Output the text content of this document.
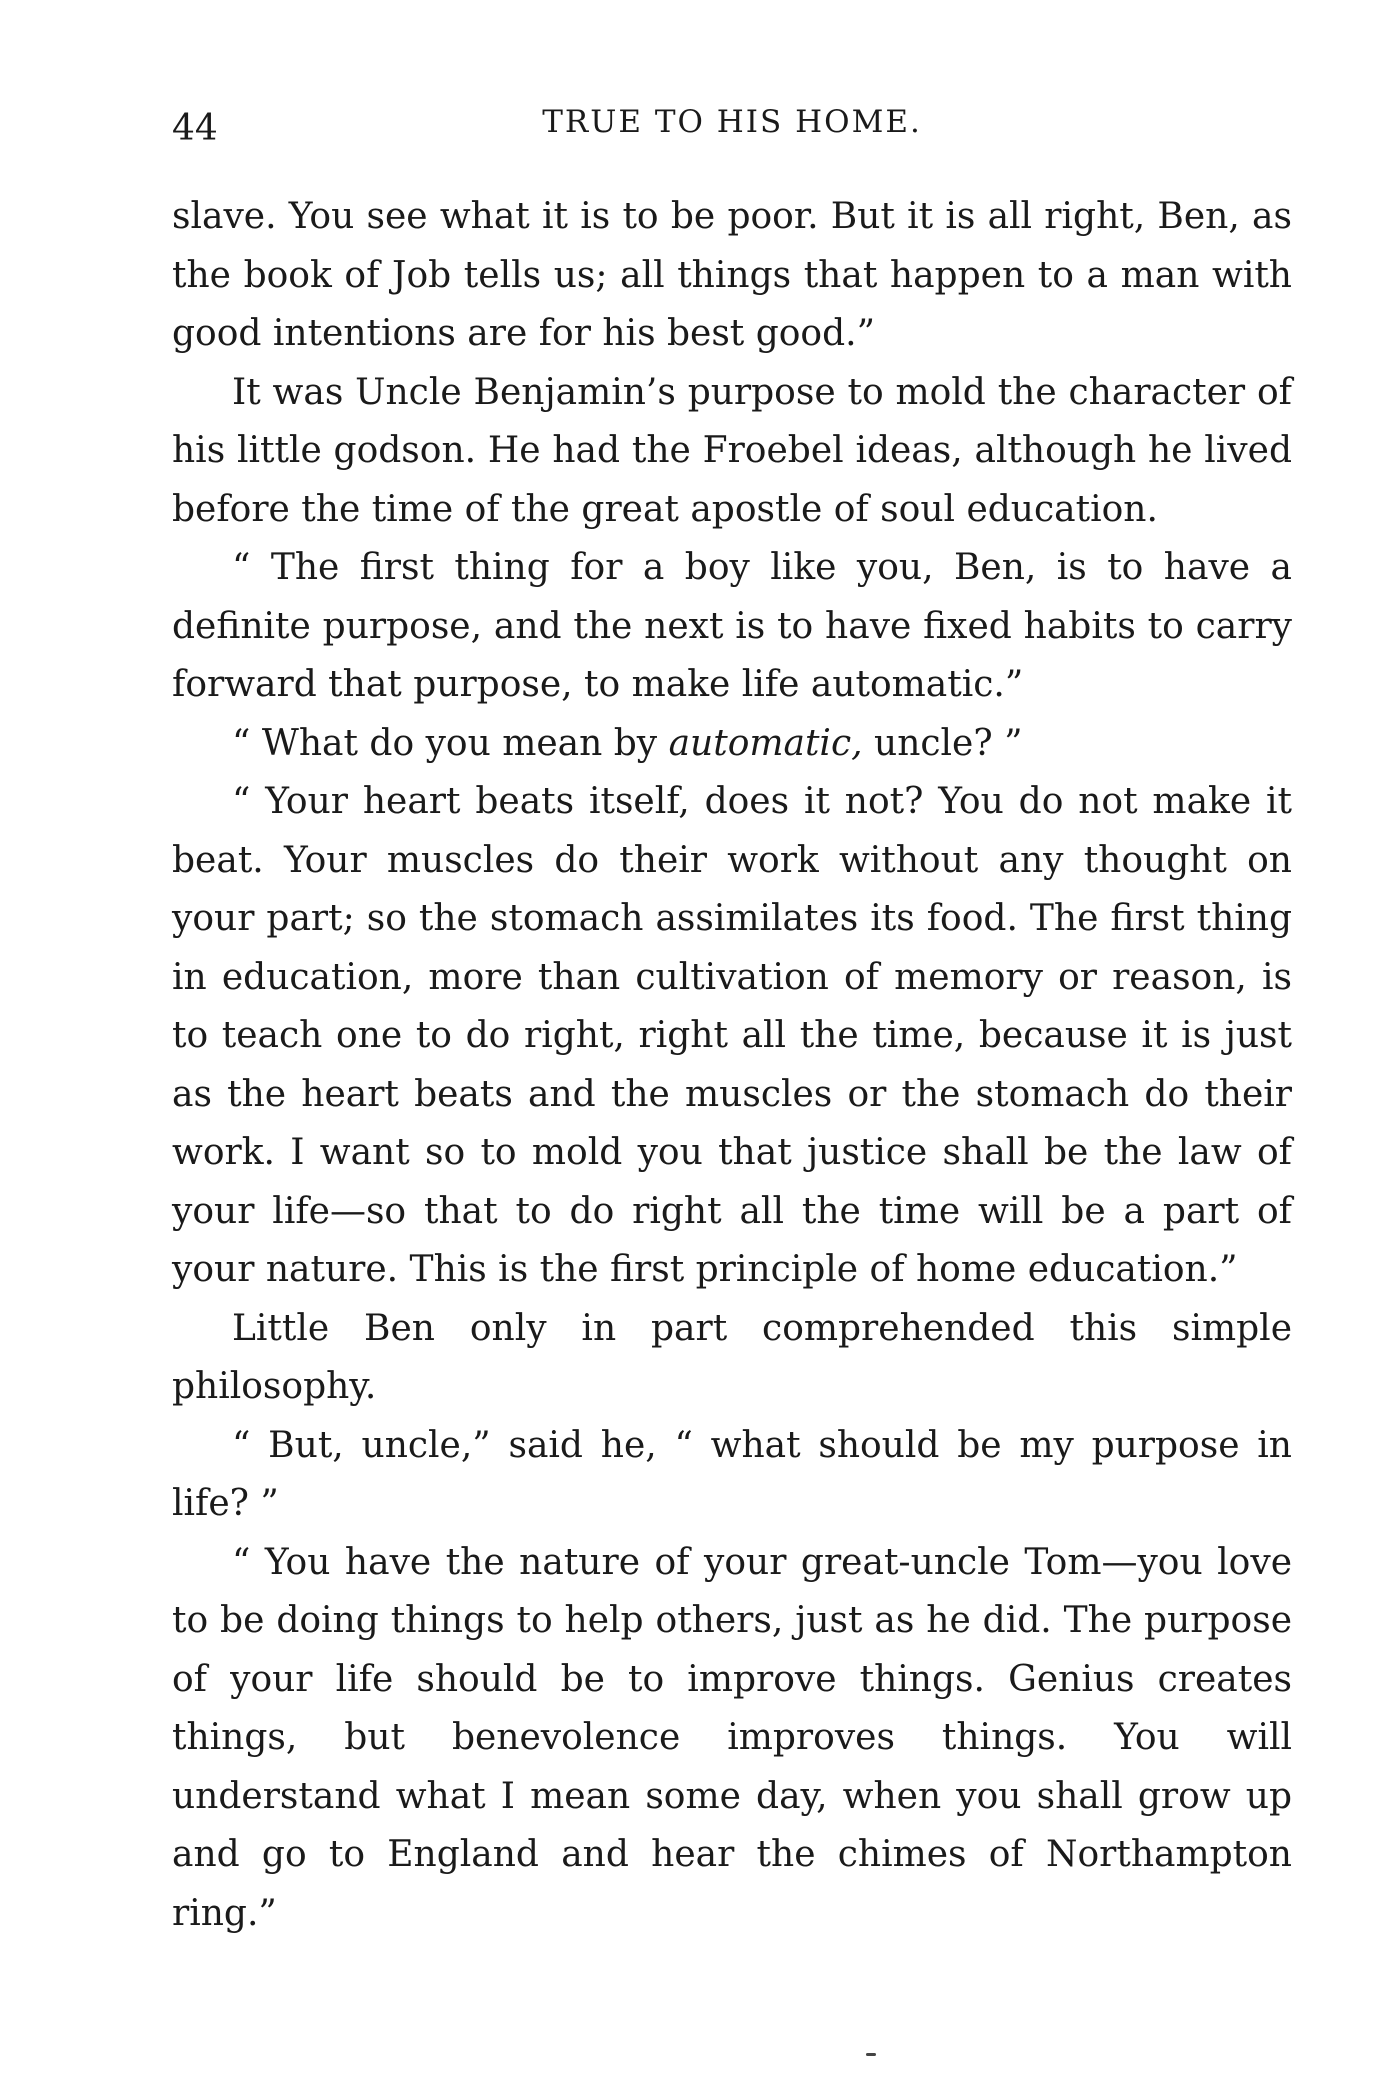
44	TRUE TO HIS HOME.

slave. You see what it is to be poor. But it is all right, Ben, as the book of Job tells us; all things that happen to a man with good intentions are for his best good.”

It was Uncle Benjamin’s purpose to mold the character of his little godson. He had the Froebel ideas, although he lived before the time of the great apostle of soul education.

“ The first thing for a boy like you, Ben, is to have a definite purpose, and the next is to have fixed habits to carry forward that purpose, to make life automatic.”

“ What do you mean by automatic, uncle? ”

“ Your heart beats itself, does it not? You do not make it beat. Your muscles do their work without any thought on your part; so the stomach assimilates its food. The first thing in education, more than cultivation of memory or reason, is to teach one to do right, right all the time, because it is just as the heart beats and the muscles or the stomach do their work. I want so to mold you that justice shall be the law of your life—so that to do right all the time will be a part of your nature. This is the first principle of home education.”

Little Ben only in part comprehended this simple philosophy.

“ But, uncle,” said he, “ what should be my purpose in life? ”

“ You have the nature of your great-uncle Tom—you love to be doing things to help others, just as he did. The purpose of your life should be to improve things. Genius creates things, but benevolence improves things. You will understand what I mean some day, when you shall grow up and go to England and hear the chimes of Northampton ring.”
